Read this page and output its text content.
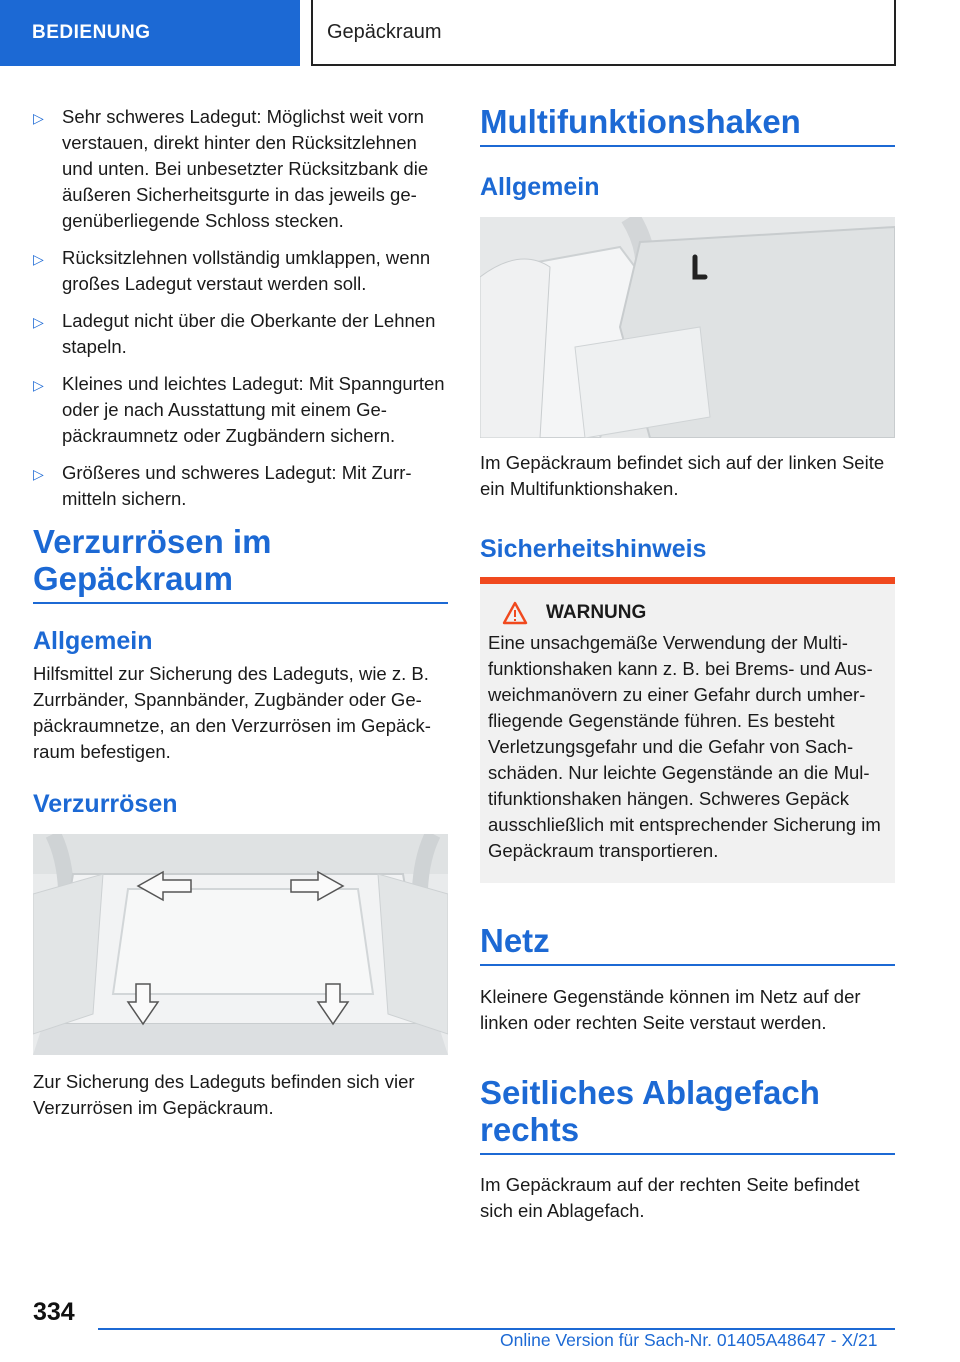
BEDIENUNG	Gepäckraum
▷ Sehr schweres Ladegut: Möglichst weit vorn verstauen, direkt hinter den Rücksitzlehnen und unten. Bei unbesetzter Rücksitzbank die äußeren Sicherheitsgurte in das jeweils gegenüberliegende Schloss stecken.
▷ Rücksitzlehnen vollständig umklappen, wenn großes Ladegut verstaut werden soll.
▷ Ladegut nicht über die Oberkante der Lehnen stapeln.
▷ Kleines und leichtes Ladegut: Mit Spanngurten oder je nach Ausstattung mit einem Gepäckraumnetz oder Zugbändern sichern.
▷ Größeres und schweres Ladegut: Mit Zurrmitteln sichern.
Verzurrösen im Gepäckraum
Allgemein

Hilfsmittel zur Sicherung des Ladeguts, wie z. B. Zurrbänder, Spannbänder, Zugbänder oder Gepäckraumnetze, an den Verzurrösen im Gepäckraum befestigen.

Verzurrösen

Zur Sicherung des Ladeguts befinden sich vier Verzurrösen im Gepäckraum.

Multifunktionshaken
Allgemein

Im Gepäckraum befindet sich auf der linken Seite ein Multifunktionshaken.

Sicherheitshinweis
WARNUNG
Eine unsachgemäße Verwendung der Multifunktionshaken kann z. B. bei Brems- und Ausweichmanövern zu einer Gefahr durch umherfliegende Gegenstände führen. Es besteht Verletzungsgefahr und die Gefahr von Sachschäden. Nur leichte Gegenstände an die Multifunktionshaken hängen. Schweres Gepäck ausschließlich mit entsprechender Sicherung im Gepäckraum transportieren.
Netz

Kleinere Gegenstände können im Netz auf der linken oder rechten Seite verstaut werden.

Seitliches Ablagefach rechts

Im Gepäckraum auf der rechten Seite befindet sich ein Ablagefach.

334
Online Version für Sach-Nr. 01405A48647 - X/21
